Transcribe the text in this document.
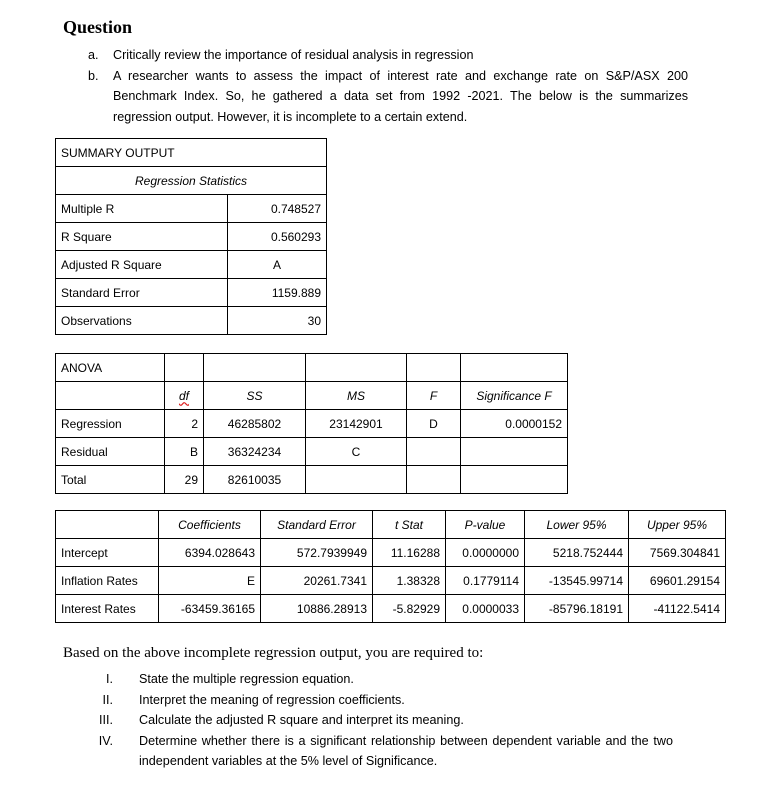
Question
a.	Critically review the importance of residual analysis in regression
b.	A researcher wants to assess the impact of interest rate and exchange rate on S&P/ASX 200 Benchmark Index. So, he gathered a data set from 1992 -2021. The below is the summarizes regression output. However, it is incomplete to a certain extend.
SUMMARY OUTPUT	
Regression Statistics	
Multiple R	0.748527
R Square	0.560293
Adjusted R Square	A
Standard Error	1159.889
Observations	30
ANOVA					
	df	SS	MS	F	Significance F
Regression	2	46285802	23142901	D	0.0000152
Residual	B	36324234	C		
Total	29	82610035			
	Coefficients	Standard Error	t Stat	P-value	Lower 95%	Upper 95%
Intercept	6394.028643	572.7939949	11.16288	0.0000000	5218.752444	7569.304841
Inflation Rates	E	20261.7341	1.38328	0.1779114	-13545.99714	69601.29154
Interest Rates	-63459.36165	10886.28913	-5.82929	0.0000033	-85796.18191	-41122.5414
Based on the above incomplete regression output, you are required to:
I.	State the multiple regression equation.
II.	Interpret the meaning of regression coefficients.
III.	Calculate the adjusted R square and interpret its meaning.
IV.	Determine whether there is a significant relationship between dependent variable and the two independent variables at the 5% level of Significance.
